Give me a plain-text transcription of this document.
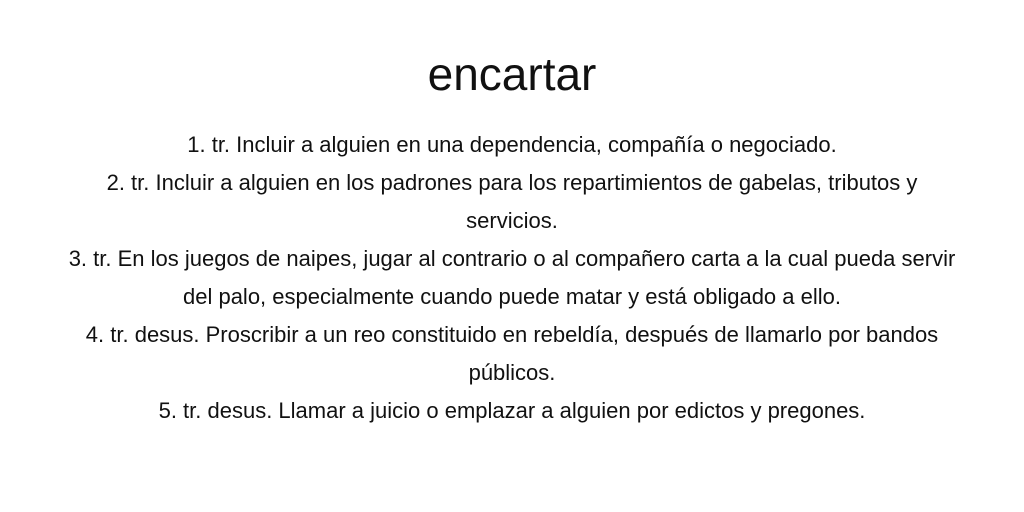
encartar
1. tr. Incluir a alguien en una dependencia, compañía o negociado.
2. tr. Incluir a alguien en los padrones para los repartimientos de gabelas, tributos y servicios.
3. tr. En los juegos de naipes, jugar al contrario o al compañero carta a la cual pueda servir del palo, especialmente cuando puede matar y está obligado a ello.
4. tr. desus. Proscribir a un reo constituido en rebeldía, después de llamarlo por bandos públicos.
5. tr. desus. Llamar a juicio o emplazar a alguien por edictos y pregones.
